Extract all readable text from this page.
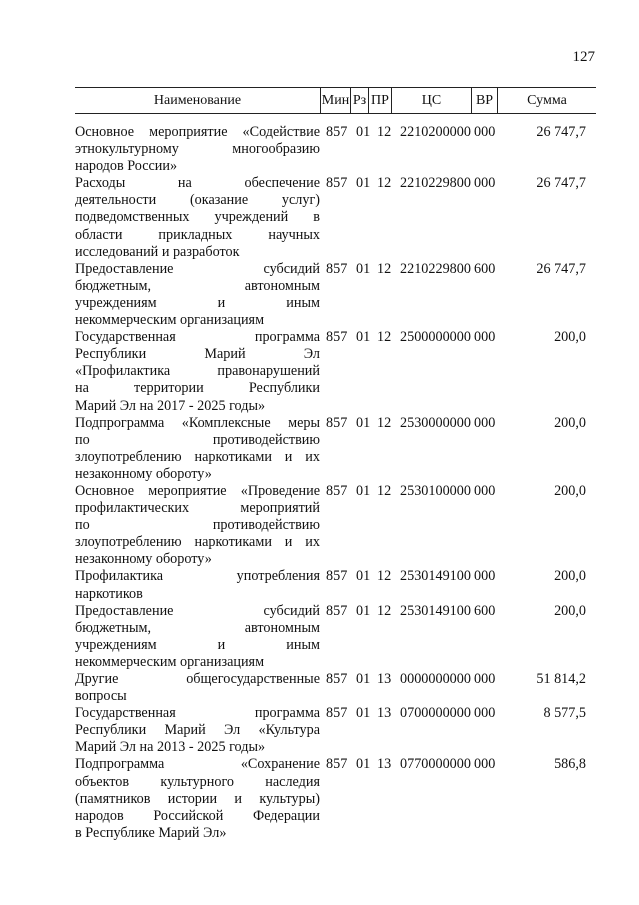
127
Наименование	Мин Рз ПР	ЦС	ВР	Сумма
Основное мероприятие «Содействие
этнокультурному многообразию
народов России»
857 01 12 2210200000 000	26 747,7
Расходы на обеспечение
деятельности (оказание услуг)
подведомственных учреждений в
области прикладных научных
исследований и разработок
857 01 12 2210229800 000	26 747,7
Предоставление субсидий
бюджетным, автономным
учреждениям и иным
некоммерческим организациям
857 01 12 2210229800 600	26 747,7
Государственная программа
Республики Марий Эл
«Профилактика правонарушений
на территории Республики
Марий Эл на 2017 - 2025 годы»
857 01 12 2500000000 000	200,0
Подпрограмма «Комплексные меры
по противодействию
злоупотреблению наркотиками и их
незаконному обороту»
857 01 12 2530000000 000	200,0
Основное мероприятие «Проведение
профилактических мероприятий
по противодействию
злоупотреблению наркотиками и их
незаконному обороту»
857 01 12 2530100000 000	200,0
Профилактика употребления
наркотиков
857 01 12 2530149100 000	200,0
Предоставление субсидий
бюджетным, автономным
учреждениям и иным
некоммерческим организациям
857 01 12 2530149100 600	200,0
Другие общегосударственные
вопросы
857 01 13 0000000000 000	51 814,2
Государственная программа
Республики Марий Эл «Культура
Марий Эл на 2013 - 2025 годы»
857 01 13 0700000000 000	8 577,5
Подпрограмма «Сохранение
объектов культурного наследия
(памятников истории и культуры)
народов Российской Федерации
в Республике Марий Эл»
857 01 13 0770000000 000	586,8
